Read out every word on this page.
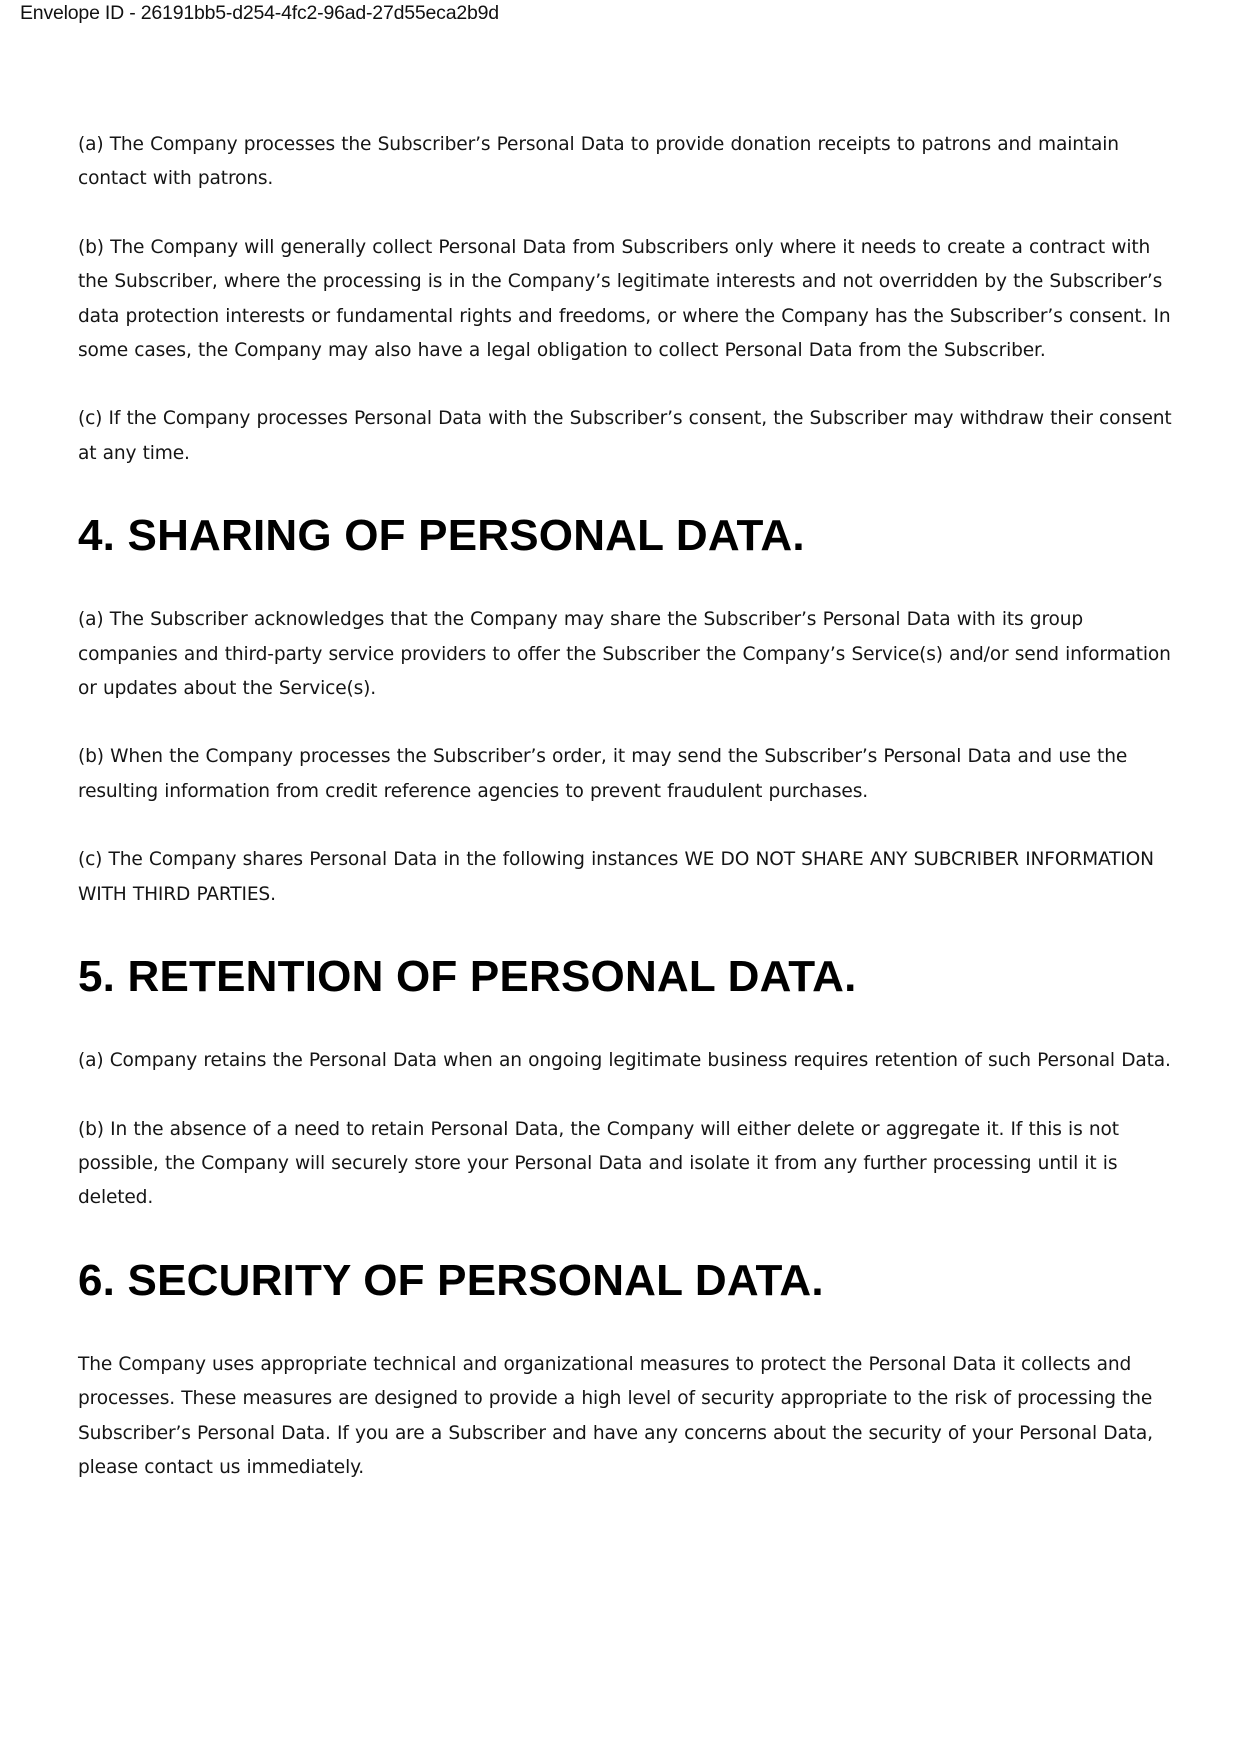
Envelope ID - 26191bb5-d254-4fc2-96ad-27d55eca2b9d

(a) The Company processes the Subscriber’s Personal Data to provide donation receipts to patrons and maintain contact with patrons.

(b) The Company will generally collect Personal Data from Subscribers only where it needs to create a contract with the Subscriber, where the processing is in the Company’s legitimate interests and not overridden by the Subscriber’s data protection interests or fundamental rights and freedoms, or where the Company has the Subscriber’s consent. In some cases, the Company may also have a legal obligation to collect Personal Data from the Subscriber.

(c) If the Company processes Personal Data with the Subscriber’s consent, the Subscriber may withdraw their consent at any time.

4. SHARING OF PERSONAL DATA.

(a) The Subscriber acknowledges that the Company may share the Subscriber’s Personal Data with its group companies and third-party service providers to offer the Subscriber the Company’s Service(s) and/or send information or updates about the Service(s).

(b) When the Company processes the Subscriber’s order, it may send the Subscriber’s Personal Data and use the resulting information from credit reference agencies to prevent fraudulent purchases.

(c) The Company shares Personal Data in the following instances WE DO NOT SHARE ANY SUBCRIBER INFORMATION WITH THIRD PARTIES.

5. RETENTION OF PERSONAL DATA.

(a) Company retains the Personal Data when an ongoing legitimate business requires retention of such Personal Data.

(b) In the absence of a need to retain Personal Data, the Company will either delete or aggregate it. If this is not possible, the Company will securely store your Personal Data and isolate it from any further processing until it is deleted.

6. SECURITY OF PERSONAL DATA.

The Company uses appropriate technical and organizational measures to protect the Personal Data it collects and processes. These measures are designed to provide a high level of security appropriate to the risk of processing the Subscriber’s Personal Data. If you are a Subscriber and have any concerns about the security of your Personal Data, please contact us immediately.
